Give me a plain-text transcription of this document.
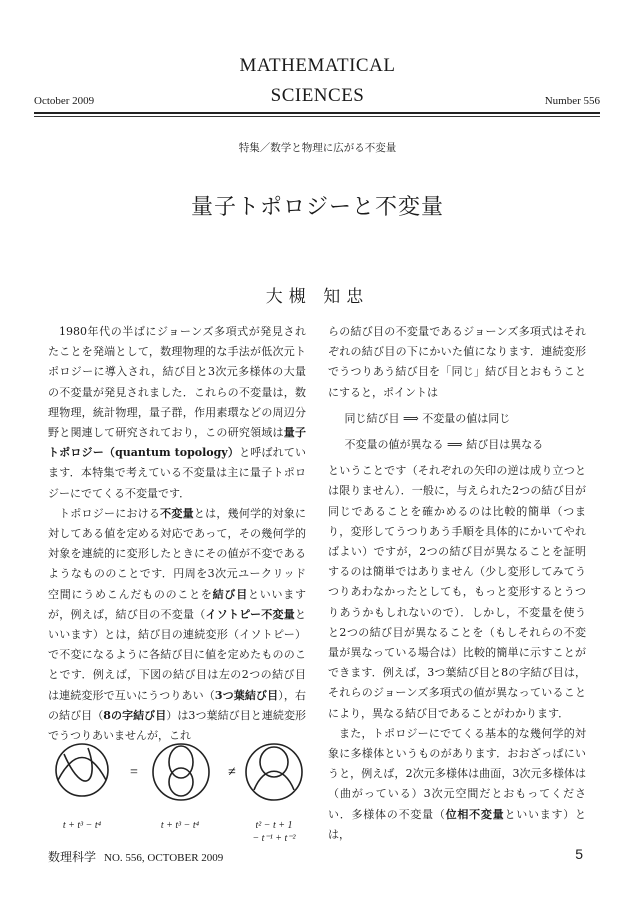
MATHEMATICAL
SCIENCES
October 2009	Number 556
特集／数学と物理に広がる不変量
量子トポロジーと不変量
大槻 知忠

1980年代の半ばにジョーンズ多項式が発見されたことを発端として，数理物理的な手法が低次元トポロジーに導入され，結び目と3次元多様体の大量の不変量が発見されました．これらの不変量は，数理物理，統計物理，量子群，作用素環などの周辺分野と関連して研究されており，この研究領域は量子トポロジー（quantum topology）と呼ばれています．本特集で考えている不変量は主に量子トポロジーにでてくる不変量です．

トポロジーにおける不変量とは，幾何学的対象に対してある値を定める対応であって，その幾何学的対象を連続的に変形したときにその値が不変であるようなもののことです．円周を3次元ユークリッド空間にうめこんだもののことを結び目といいますが，例えば，結び目の不変量（イソトピー不変量といいます）とは，結び目の連続変形（イソトピー）で不変になるように各結び目に値を定めたもののことです．例えば，下図の結び目は左の2つの結び目は連続変形で互いにうつりあい（3つ葉結び目），右の結び目（8の字結び目）は3つ葉結び目と連続変形でうつりあいませんが，これ

=	≠
t + t³ − t⁴	t + t³ − t⁴	t² − t + 1
− t⁻¹ + t⁻²

らの結び目の不変量であるジョーンズ多項式はそれぞれの結び目の下にかいた値になります．連続変形でうつりあう結び目を「同じ」結び目とおもうことにすると，ポイントは

同じ結び目 ⟹ 不変量の値は同じ

不変量の値が異なる ⟹ 結び目は異なる

ということです（それぞれの矢印の逆は成り立つとは限りません）．一般に，与えられた2つの結び目が同じであることを確かめるのは比較的簡単（つまり，変形してうつりあう手順を具体的にかいてやればよい）ですが，2つの結び目が異なることを証明するのは簡単ではありません（少し変形してみてうつりあわなかったとしても，もっと変形するとうつりあうかもしれないので）．しかし，不変量を使うと2つの結び目が異なることを（もしそれらの不変量が異なっている場合は）比較的簡単に示すことができます．例えば，3つ葉結び目と8の字結び目は，それらのジョーンズ多項式の値が異なっていることにより，異なる結び目であることがわかります．

また，トポロジーにでてくる基本的な幾何学的対象に多様体というものがあります．おおざっぱにいうと，例えば，2次元多様体は曲面，3次元多様体は（曲がっている）3次元空間だとおもってください．多様体の不変量（位相不変量といいます）とは，

数理科学 NO. 556, OCTOBER 2009	5
